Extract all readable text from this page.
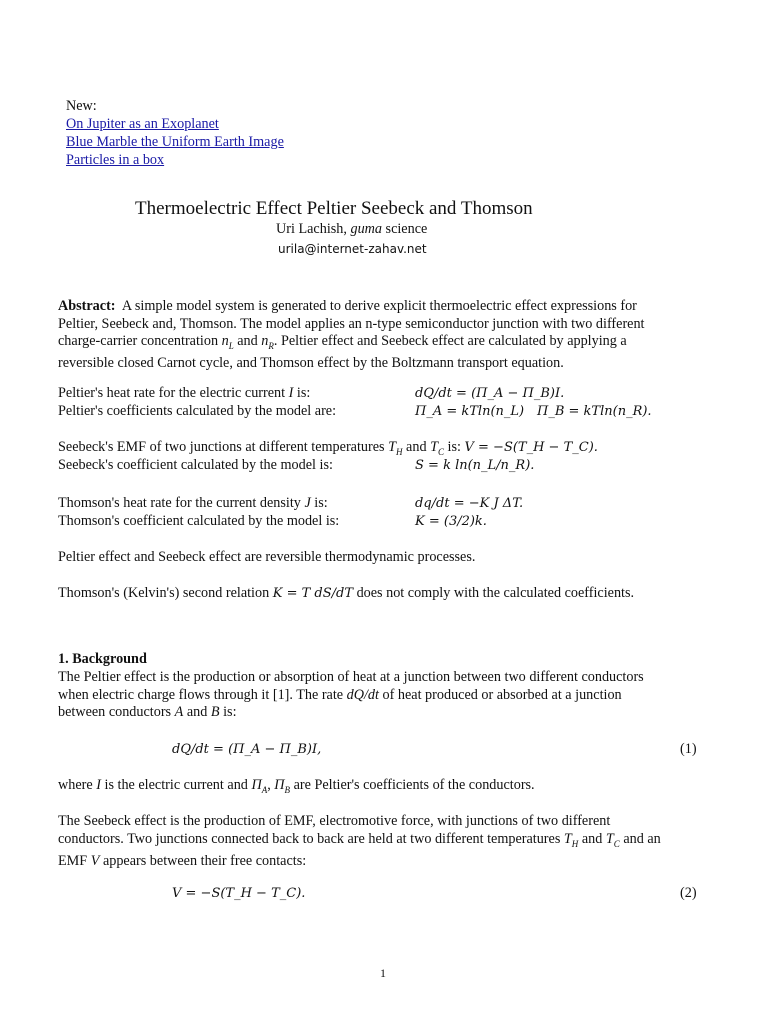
New:
On Jupiter as an Exoplanet
Blue Marble the Uniform Earth Image
Particles in a box
Thermoelectric Effect Peltier Seebeck and Thomson
Uri Lachish, guma science
urila@internet-zahav.net
Abstract: A simple model system is generated to derive explicit thermoelectric effect expressions for
Peltier, Seebeck and, Thomson. The model applies an n-type semiconductor junction with two different
charge-carrier concentration $n_L$ and $n_R$. Peltier effect and Seebeck effect are calculated by applying a
reversible closed Carnot cycle, and Thomson effect by the Boltzmann transport equation.
Peltier's heat rate for the electric current I is:	dQ/dt = (Π_A − Π_B)I.
Peltier's coefficients calculated by the model are:	Π_A = kTln(n_L) Π_B = kTln(n_R).
Seebeck's EMF of two junctions at different temperatures $T_H$ and $T_C$ is: V = −S(T_H − T_C).
Seebeck's coefficient calculated by the model is:	S = k ln(n_L/n_R).
Thomson's heat rate for the current density J is:	dq/dt = −K J ΔT.
Thomson's coefficient calculated by the model is:	K = (3/2)k.
Peltier effect and Seebeck effect are reversible thermodynamic processes.
Thomson's (Kelvin's) second relation K = T dS/dT does not comply with the calculated coefficients.
1. Background
The Peltier effect is the production or absorption of heat at a junction between two different conductors
when electric charge flows through it [1]. The rate dQ/dt of heat produced or absorbed at a junction
between conductors A and B is:
dQ/dt = (Π_A − Π_B)I,	(1)
where I is the electric current and $\Pi_A$, $\Pi_B$ are Peltier's coefficients of the conductors.
The Seebeck effect is the production of EMF, electromotive force, with junctions of two different
conductors. Two junctions connected back to back are held at two different temperatures $T_H$ and $T_C$ and an
EMF V appears between their free contacts:
V = −S(T_H − T_C).	(2)
1
